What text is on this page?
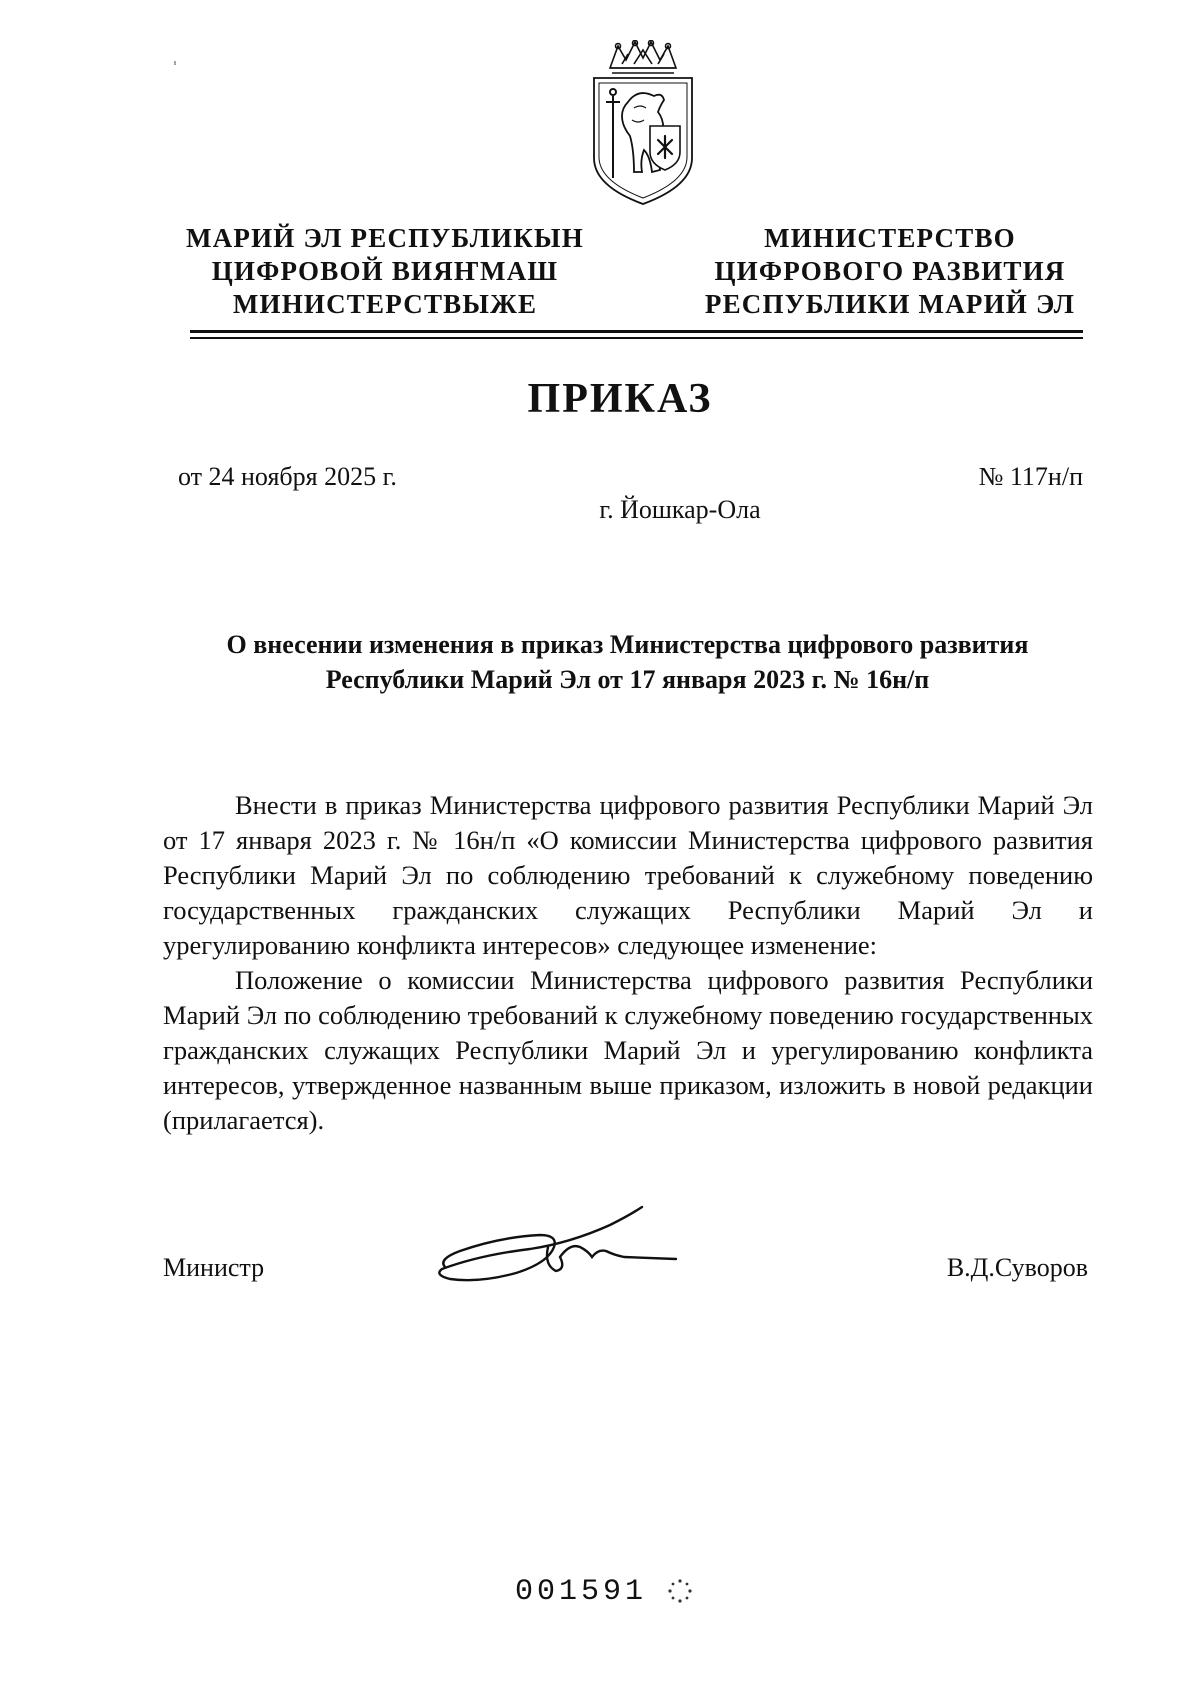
МАРИЙ ЭЛ РЕСПУБЛИКЫН
ЦИФРОВОЙ ВИЯҤМАШ
МИНИСТЕРСТВЫЖЕ
МИНИСТЕРСТВО
ЦИФРОВОГО РАЗВИТИЯ
РЕСПУБЛИКИ МАРИЙ ЭЛ
ПРИКАЗ
от 24 ноября 2025 г.	№ 117н/п
г. Йошкар-Ола
О внесении изменения в приказ Министерства цифрового развития
Республики Марий Эл от 17 января 2023 г. № 16н/п

Внести в приказ Министерства цифрового развития Республики Марий Эл от 17 января 2023 г. № 16н/п «О комиссии Министерства цифрового развития Республики Марий Эл по соблюдению требований к служебному поведению государственных гражданских служащих Республики Марий Эл и урегулированию конфликта интересов» следующее изменение:

Положение о комиссии Министерства цифрового развития Республики Марий Эл по соблюдению требований к служебному поведению государственных гражданских служащих Республики Марий Эл и урегулированию конфликта интересов, утвержденное названным выше приказом, изложить в новой редакции (прилагается).

Министр	В.Д.Суворов
001591
